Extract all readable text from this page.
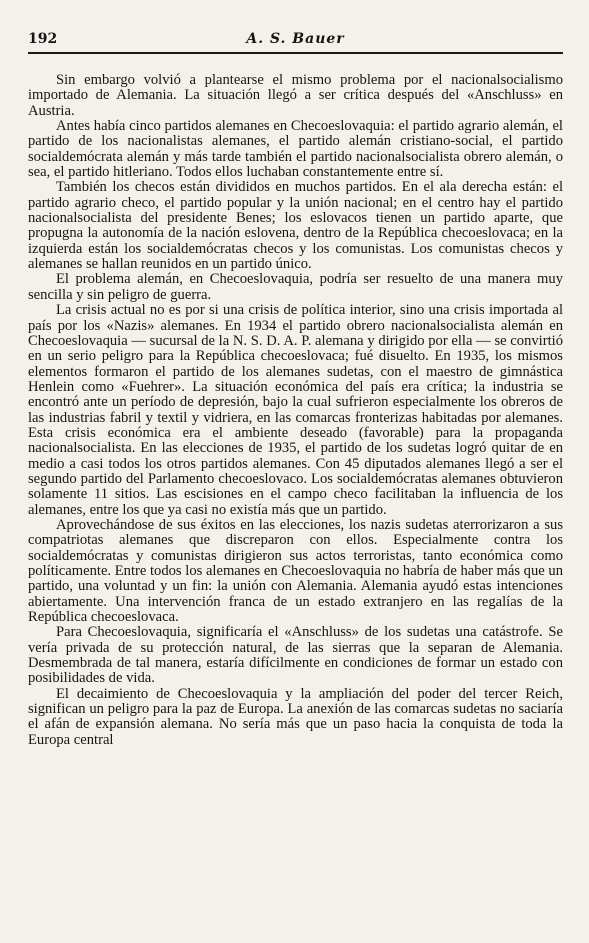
192	A. S. Bauer

Sin embargo volvió a plantearse el mismo problema por el nacionalsocialismo importado de Alemania. La situación llegó a ser crítica después del «Anschluss» en Austria.

Antes había cinco partidos alemanes en Checoeslovaquia: el partido agrario alemán, el partido de los nacionalistas alemanes, el partido alemán cristiano-social, el partido socialdemócrata alemán y más tarde también el partido nacionalsocialista obrero alemán, o sea, el partido hitleriano. Todos ellos luchaban constantemente entre sí.

También los checos están divididos en muchos partidos. En el ala derecha están: el partido agrario checo, el partido popular y la unión nacional; en el centro hay el partido nacionalsocialista del presidente Benes; los eslovacos tienen un partido aparte, que propugna la autonomía de la nación eslovena, dentro de la República checoeslovaca; en la izquierda están los socialdemócratas checos y los comunistas. Los comunistas checos y alemanes se hallan reunidos en un partido único.

El problema alemán, en Checoeslovaquia, podría ser resuelto de una manera muy sencilla y sin peligro de guerra.

La crisis actual no es por si una crisis de política interior, sino una crisis importada al país por los «Nazis» alemanes. En 1934 el partido obrero nacionalsocialista alemán en Checoeslovaquia — sucursal de la N. S. D. A. P. alemana y dirigido por ella — se convirtió en un serio peligro para la República checoeslovaca; fué disuelto. En 1935, los mismos elementos formaron el partido de los alemanes sudetas, con el maestro de gimnástica Henlein como «Fuehrer». La situación económica del país era crítica; la industria se encontró ante un período de depresión, bajo la cual sufrieron especialmente los obreros de las industrias fabril y textil y vidriera, en las comarcas fronterizas habitadas por alemanes. Esta crisis económica era el ambiente deseado (favorable) para la propaganda nacionalsocialista. En las elecciones de 1935, el partido de los sudetas logró quitar de en medio a casi todos los otros partidos alemanes. Con 45 diputados alemanes llegó a ser el segundo partido del Parlamento checoeslovaco. Los socialdemócratas alemanes obtuvieron solamente 11 sitios. Las escisiones en el campo checo facilitaban la influencia de los alemanes, entre los que ya casi no existía más que un partido.

Aprovechándose de sus éxitos en las elecciones, los nazis sudetas aterrorizaron a sus compatriotas alemanes que discreparon con ellos. Especialmente contra los socialdemócratas y comunistas dirigieron sus actos terroristas, tanto económica como políticamente. Entre todos los alemanes en Checoeslovaquia no habría de haber más que un partido, una voluntad y un fin: la unión con Alemania. Alemania ayudó estas intenciones abiertamente. Una intervención franca de un estado extranjero en las regalías de la República checoeslovaca.

Para Checoeslovaquia, significaría el «Anschluss» de los sudetas una catástrofe. Se vería privada de su protección natural, de las sierras que la separan de Alemania. Desmembrada de tal manera, estaría difícilmente en condiciones de formar un estado con posibilidades de vida.

El decaimiento de Checoeslovaquia y la ampliación del poder del tercer Reich, significan un peligro para la paz de Europa. La anexión de las comarcas sudetas no saciaría el afán de expansión alemana. No sería más que un paso hacia la conquista de toda la Europa central
